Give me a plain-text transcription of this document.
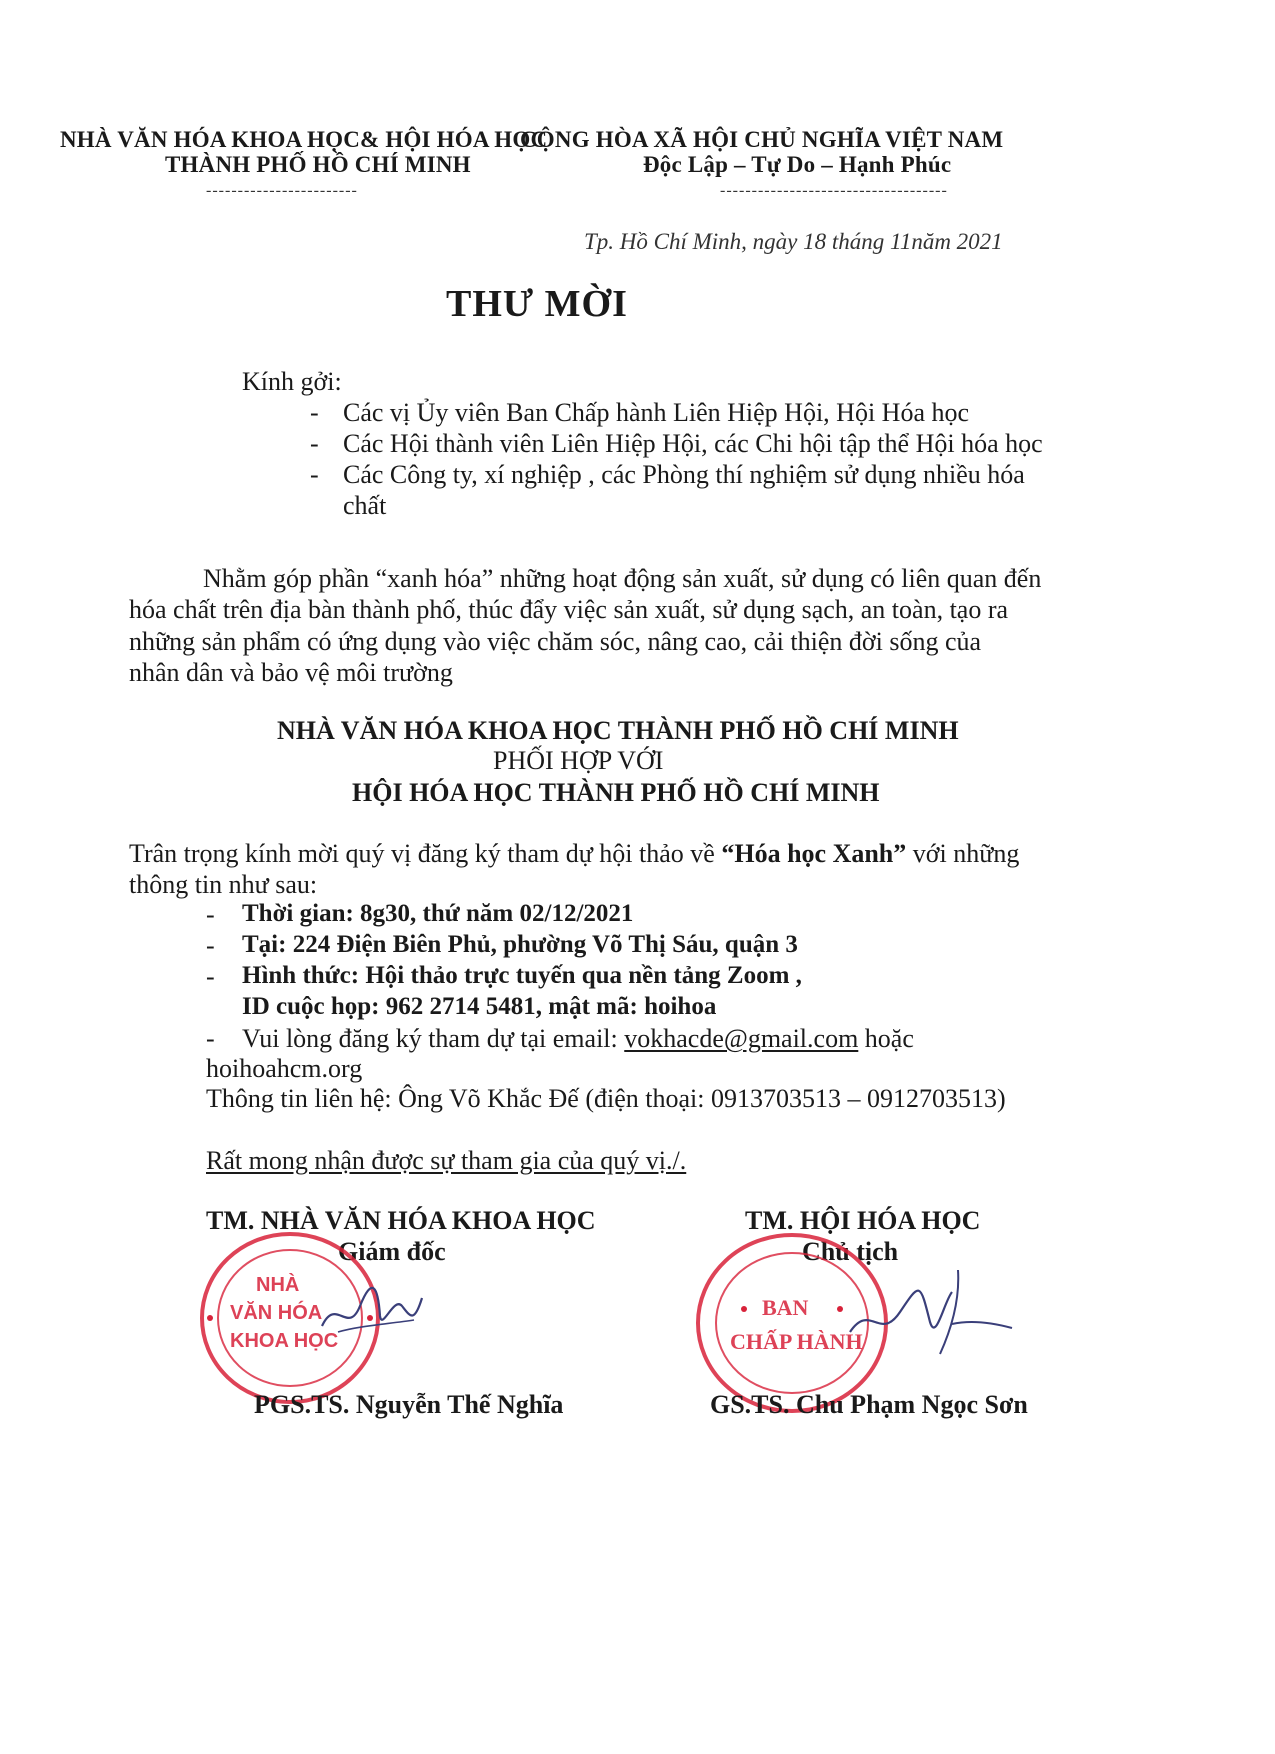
NHÀ VĂN HÓA KHOA HỌC& HỘI HÓA HỌC
THÀNH PHỐ HỒ CHÍ MINH
------------------------
CỘNG HÒA XÃ HỘI CHỦ NGHĨA VIỆT NAM
Độc Lập – Tự Do – Hạnh Phúc
------------------------------------
Tp. Hồ Chí Minh, ngày 18 tháng 11năm 2021
THƯ MỜI
Kính gởi:
- Các vị Ủy viên Ban Chấp hành Liên Hiệp Hội, Hội Hóa học
- Các Hội thành viên Liên Hiệp Hội, các Chi hội tập thể Hội hóa học
- Các Công ty, xí nghiệp , các Phòng thí nghiệm sử dụng nhiều hóa
chất
Nhằm góp phần “xanh hóa” những hoạt động sản xuất, sử dụng có liên quan đến
hóa chất trên địa bàn thành phố, thúc đẩy việc sản xuất, sử dụng sạch, an toàn, tạo ra
những sản phẩm có ứng dụng vào việc chăm sóc, nâng cao, cải thiện đời sống của
nhân dân và bảo vệ môi trường
NHÀ VĂN HÓA KHOA HỌC THÀNH PHỐ HỒ CHÍ MINH
PHỐI HỢP VỚI
HỘI HÓA HỌC THÀNH PHỐ HỒ CHÍ MINH
Trân trọng kính mời quý vị đăng ký tham dự hội thảo về “Hóa học Xanh” với những
thông tin như sau:
- Thời gian: 8g30, thứ năm 02/12/2021
- Tại: 224 Điện Biên Phủ, phường Võ Thị Sáu, quận 3
- Hình thức: Hội thảo trực tuyến qua nền tảng Zoom ,
ID cuộc họp: 962 2714 5481, mật mã: hoihoa
- Vui lòng đăng ký tham dự tại email: vokhacde@gmail.com hoặc
hoihoahcm.org
Thông tin liên hệ: Ông Võ Khắc Đế (điện thoại: 0913703513 – 0912703513)
Rất mong nhận được sự tham gia của quý vị./.
TM. NHÀ VĂN HÓA KHOA HỌC
Giám đốc
TM. HỘI HÓA HỌC
Chủ tịch
NHÀ
VĂN HÓA
KHOA HỌC
BAN
CHẤP HÀNH
PGS.TS. Nguyễn Thế Nghĩa	GS.TS. Chu Phạm Ngọc Sơn
